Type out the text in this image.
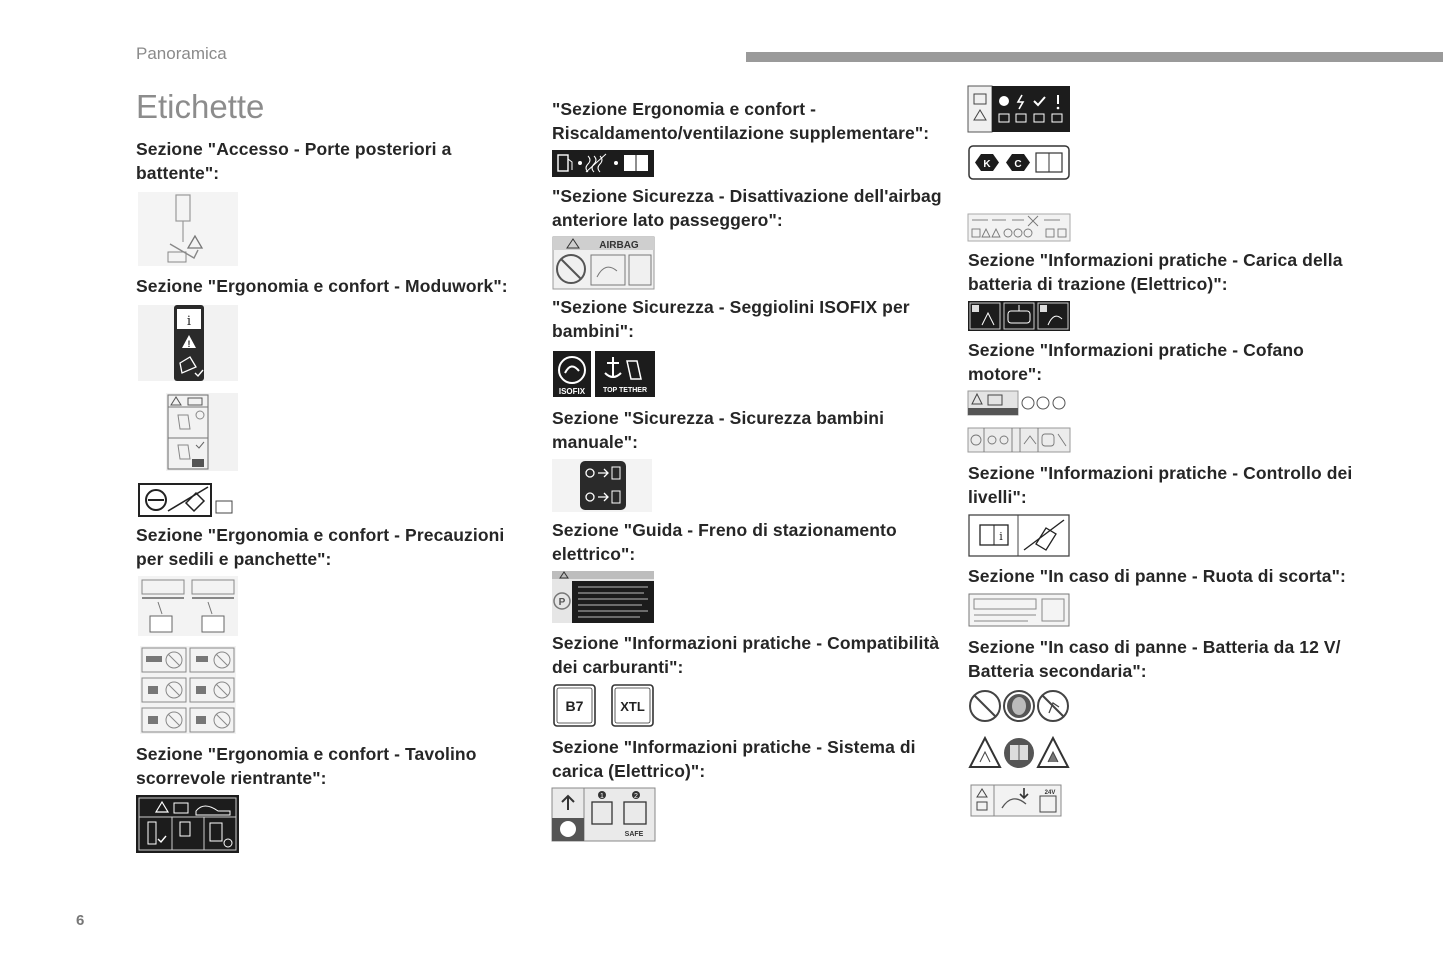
Panoramica
Etichette
Sezione "Accesso - Porte posteriori a battente":
Sezione "Ergonomia e confort - Moduwork":
i
!
Sezione "Ergonomia e confort - Precauzioni per sedili e panchette":
Sezione "Ergonomia e confort - Tavolino scorrevole rientrante":
6
"Sezione Ergonomia e confort - Riscaldamento/ventilazione supplementare":
"Sezione Sicurezza - Disattivazione dell'airbag anteriore lato passeggero":
AIRBAG
"Sezione Sicurezza - Seggiolini ISOFIX per bambini":
ISOFIX	TOP TETHER
Sezione "Sicurezza - Sicurezza bambini manuale":
Sezione "Guida - Freno di stazionamento elettrico":
P
Sezione "Informazioni pratiche - Compatibilità dei carburanti":
B7	XTL
Sezione "Informazioni pratiche - Sistema di carica (Elettrico)":
1	2
SAFE
K C
Sezione "Informazioni pratiche - Carica della batteria di trazione (Elettrico)":
Sezione "Informazioni pratiche - Cofano motore":
Sezione "Informazioni pratiche - Controllo dei livelli":
i
Sezione "In caso di panne - Ruota di scorta":
Sezione "In caso di panne - Batteria da 12 V/ Batteria secondaria":
24V
